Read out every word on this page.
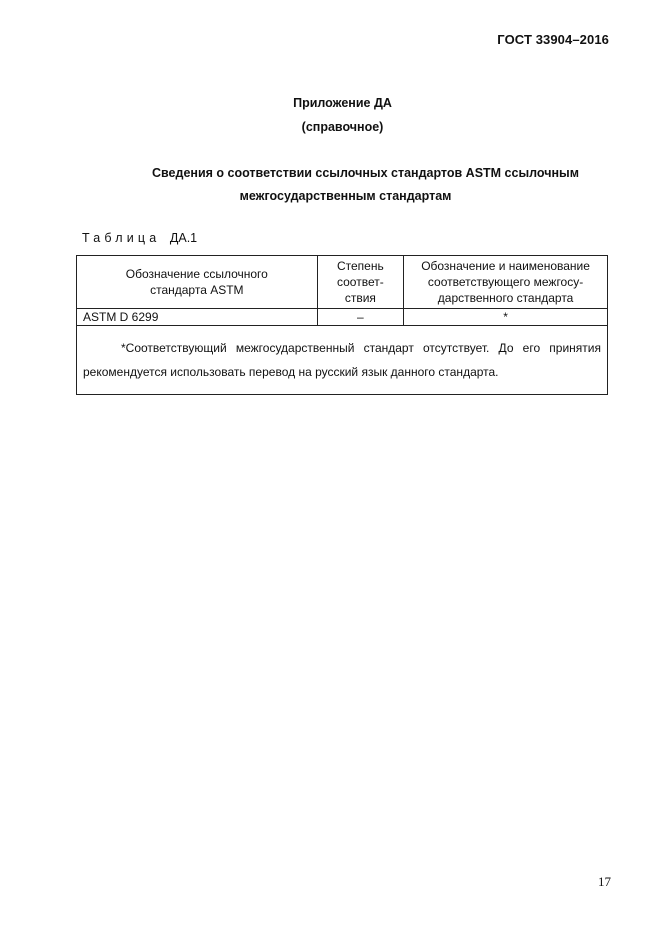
ГОСТ 33904–2016
Приложение ДА
(справочное)
Сведения о соответствии ссылочных стандартов ASTM ссылочным
межгосударственным стандартам
Таблица ДА.1
Обозначение ссылочного стандарта ASTM	Степень соответ-ствия	Обозначение и наименование соответствующего межгосу-дарственного стандарта

ASTM D 6299	–	*

*Соответствующий межгосударственный стандарт отсутствует. До его принятия рекомендуется использовать перевод на русский язык данного стандарта.		
17
